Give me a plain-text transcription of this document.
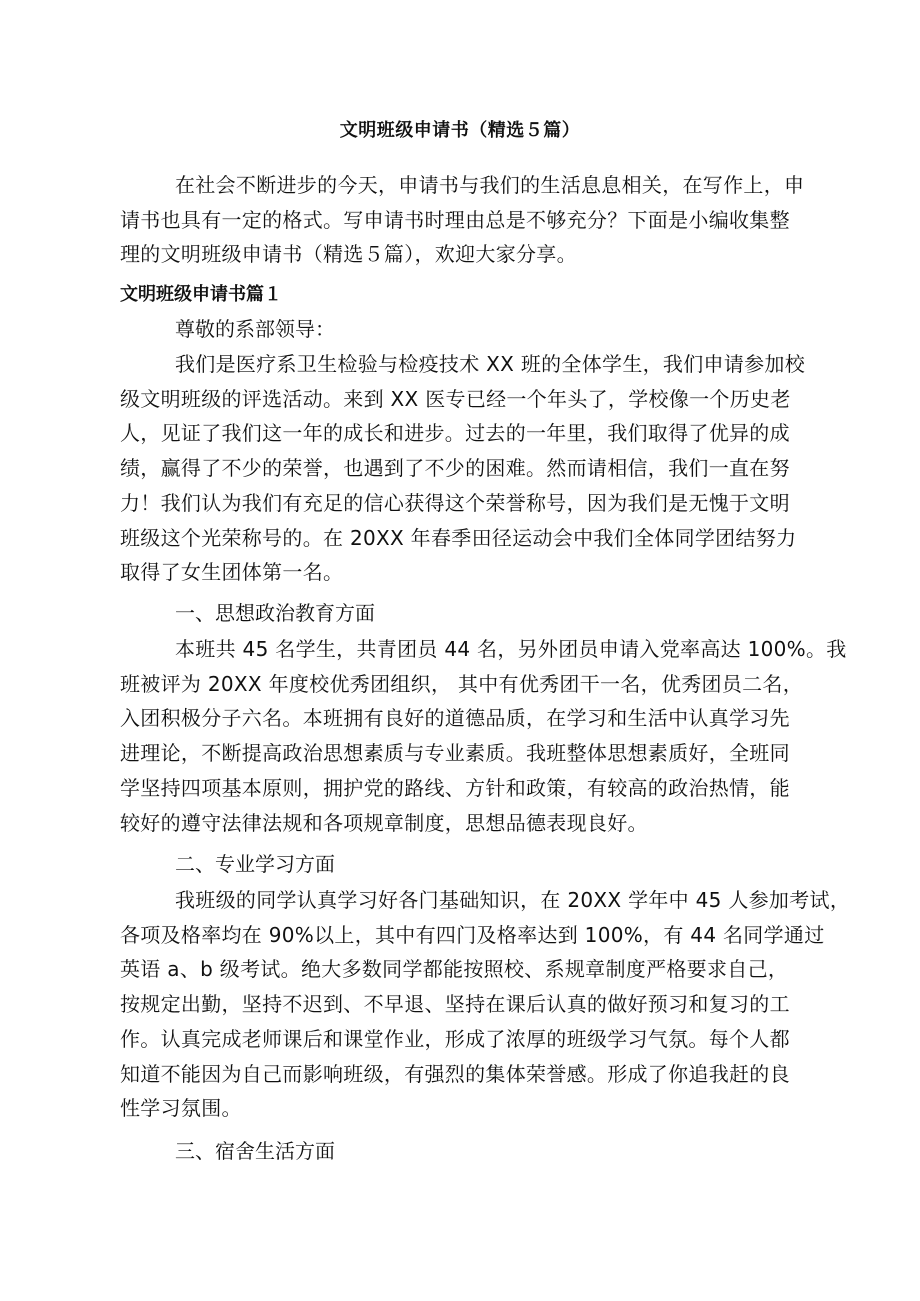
文明班级申请书（精选５篇）
在社会不断进步的今天，申请书与我们的生活息息相关，在写作上，申
请书也具有一定的格式。写申请书时理由总是不够充分？下面是小编收集整
理的文明班级申请书（精选５篇），欢迎大家分享。
文明班级申请书篇１
尊敬的系部领导：
我们是医疗系卫生检验与检疫技术 XX 班的全体学生，我们申请参加校
级文明班级的评选活动。来到 XX 医专已经一个年头了，学校像一个历史老
人，见证了我们这一年的成长和进步。过去的一年里，我们取得了优异的成
绩，赢得了不少的荣誉，也遇到了不少的困难。然而请相信，我们一直在努
力！我们认为我们有充足的信心获得这个荣誉称号，因为我们是无愧于文明
班级这个光荣称号的。在 20XX 年春季田径运动会中我们全体同学团结努力
取得了女生团体第一名。
一、思想政治教育方面
本班共 45 名学生，共青团员 44 名，另外团员申请入党率高达 100%。我
班被评为 20XX 年度校优秀团组织， 其中有优秀团干一名，优秀团员二名，
入团积极分子六名。本班拥有良好的道德品质，在学习和生活中认真学习先
进理论，不断提高政治思想素质与专业素质。我班整体思想素质好，全班同
学坚持四项基本原则，拥护党的路线、方针和政策，有较高的政治热情，能
较好的遵守法律法规和各项规章制度，思想品德表现良好。
二、专业学习方面
我班级的同学认真学习好各门基础知识，在 20XX 学年中 45 人参加考试，
各项及格率均在 90%以上，其中有四门及格率达到 100%，有 44 名同学通过
英语 a、b 级考试。绝大多数同学都能按照校、系规章制度严格要求自己，
按规定出勤，坚持不迟到、不早退、坚持在课后认真的做好预习和复习的工
作。认真完成老师课后和课堂作业，形成了浓厚的班级学习气氛。每个人都
知道不能因为自己而影响班级，有强烈的集体荣誉感。形成了你追我赶的良
性学习氛围。
三、宿舍生活方面
